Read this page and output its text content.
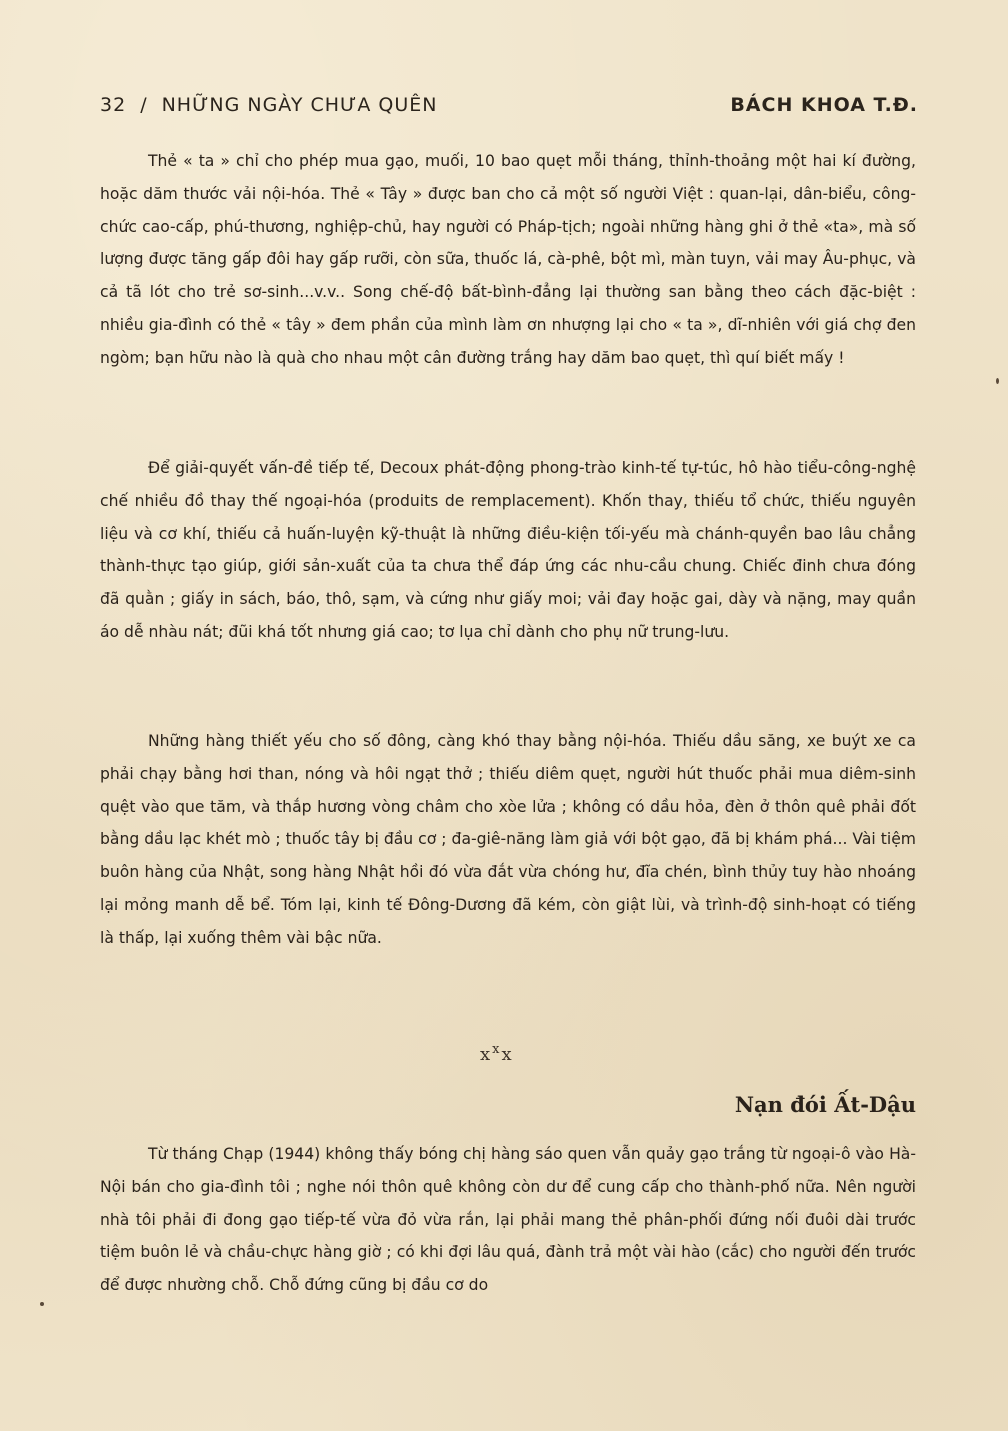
32 / NHỮNG NGÀY CHƯA QUÊN	BÁCH KHOA T.Đ.
Thẻ « ta » chỉ cho phép mua gạo, muối, 10 bao quẹt mỗi tháng, thỉnh-thoảng một hai kí đường, hoặc dăm thước vải nội-hóa. Thẻ « Tây » được ban cho cả một số người Việt : quan-lại, dân-biểu, công-chức cao-cấp, phú-thương, nghiệp-chủ, hay người có Pháp-tịch; ngoài những hàng ghi ở thẻ «ta», mà số lượng được tăng gấp đôi hay gấp rưỡi, còn sữa, thuốc lá, cà-phê, bột mì, màn tuyn, vải may Âu-phục, và cả tã lót cho trẻ sơ-sinh...v.v.. Song chế-độ bất-bình-đẳng lại thường san bằng theo cách đặc-biệt : nhiều gia-đình có thẻ « tây » đem phần của mình làm ơn nhượng lại cho « ta », dĩ-nhiên với giá chợ đen ngòm; bạn hữu nào là quà cho nhau một cân đường trắng hay dăm bao quẹt, thì quí biết mấy !
Để giải-quyết vấn-đề tiếp tế, Decoux phát-động phong-trào kinh-tế tự-túc, hô hào tiểu-công-nghệ chế nhiều đồ thay thế ngoại-hóa (produits de remplacement). Khốn thay, thiếu tổ chức, thiếu nguyên liệu và cơ khí, thiếu cả huấn-luyện kỹ-thuật là những điều-kiện tối-yếu mà chánh-quyền bao lâu chẳng thành-thực tạo giúp, giới sản-xuất của ta chưa thể đáp ứng các nhu-cầu chung. Chiếc đinh chưa đóng đã quằn ; giấy in sách, báo, thô, sạm, và cứng như giấy moi; vải đay hoặc gai, dày và nặng, may quần áo dễ nhàu nát; đũi khá tốt nhưng giá cao; tơ lụa chỉ dành cho phụ nữ trung-lưu.
Những hàng thiết yếu cho số đông, càng khó thay bằng nội-hóa. Thiếu dầu săng, xe buýt xe ca phải chạy bằng hơi than, nóng và hôi ngạt thở ; thiếu diêm quẹt, người hút thuốc phải mua diêm-sinh quệt vào que tăm, và thắp hương vòng châm cho xòe lửa ; không có dầu hỏa, đèn ở thôn quê phải đốt bằng dầu lạc khét mò ; thuốc tây bị đầu cơ ; đa-giê-năng làm giả với bột gạo, đã bị khám phá... Vài tiệm buôn hàng của Nhật, song hàng Nhật hồi đó vừa đắt vừa chóng hư, đĩa chén, bình thủy tuy hào nhoáng lại mỏng manh dễ bể. Tóm lại, kinh tế Đông-Dương đã kém, còn giật lùi, và trình-độ sinh-hoạt có tiếng là thấp, lại xuống thêm vài bậc nữa.
$x^xx$
Nạn đói Ất-Dậu
Từ tháng Chạp (1944) không thấy bóng chị hàng sáo quen vẫn quảy gạo trắng từ ngoại-ô vào Hà-Nội bán cho gia-đình tôi ; nghe nói thôn quê không còn dư để cung cấp cho thành-phố nữa. Nên người nhà tôi phải đi đong gạo tiếp-tế vừa đỏ vừa rắn, lại phải mang thẻ phân-phối đứng nối đuôi dài trước tiệm buôn lẻ và chầu-chực hàng giờ ; có khi đợi lâu quá, đành trả một vài hào (cắc) cho người đến trước để được nhường chỗ. Chỗ đứng cũng bị đầu cơ do
